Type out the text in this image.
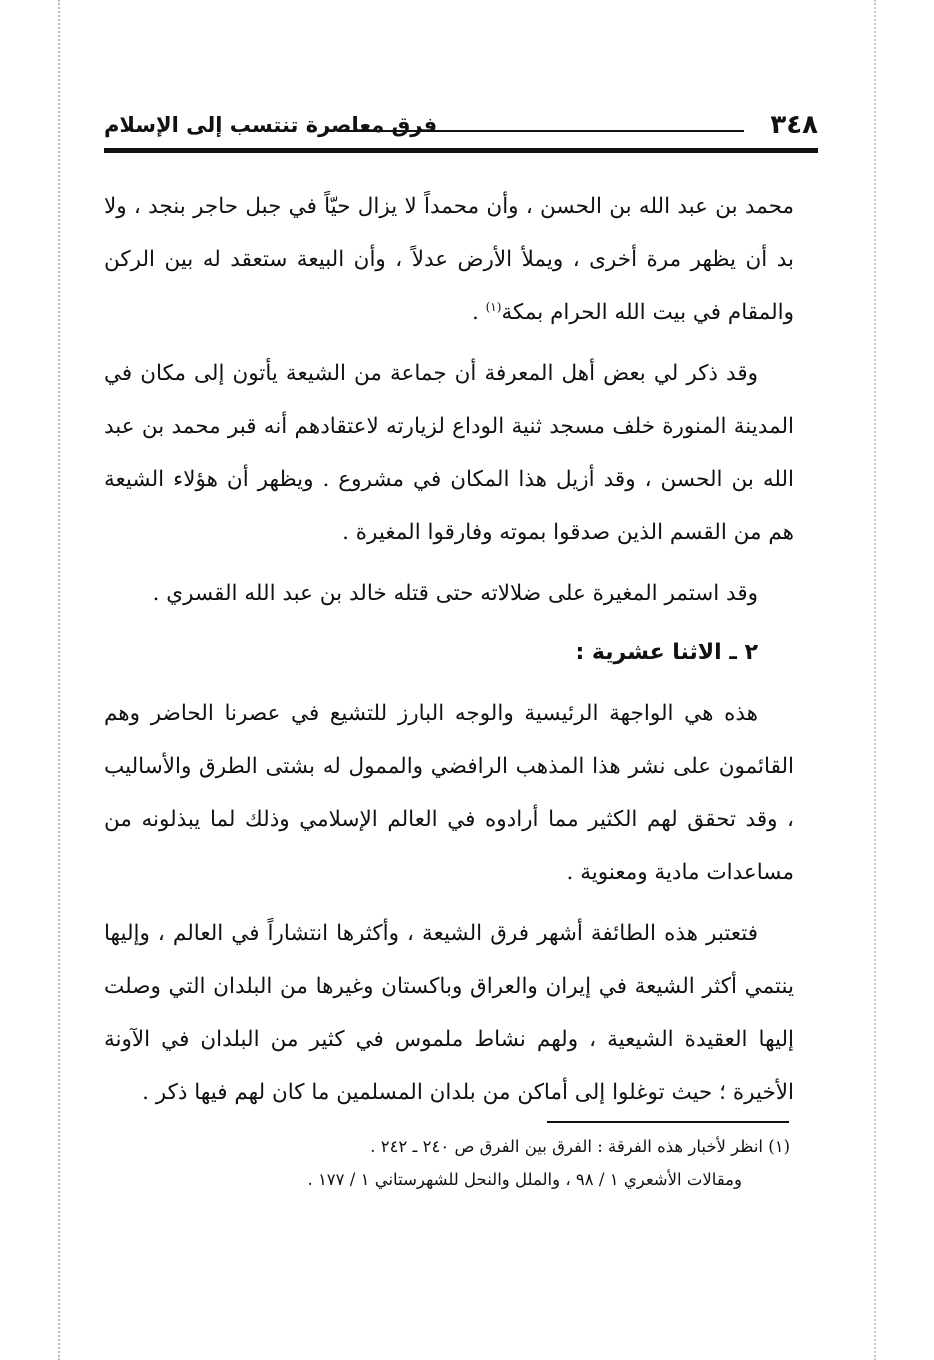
٣٤٨
فرق معاصرة تنتسب إلى الإسلام

محمد بن عبد الله بن الحسن ، وأن محمداً لا يزال حيّاً في جبل حاجر بنجد ، ولا بد أن يظهر مرة أخرى ، ويملأ الأرض عدلاً ، وأن البيعة ستعقد له بين الركن والمقام في بيت الله الحرام بمكة$^{(١)}$ .

وقد ذكر لي بعض أهل المعرفة أن جماعة من الشيعة يأتون إلى مكان في المدينة المنورة خلف مسجد ثنية الوداع لزيارته لاعتقادهم أنه قبر محمد بن عبد الله بن الحسن ، وقد أزيل هذا المكان في مشروع . ويظهر أن هؤلاء الشيعة هم من القسم الذين صدقوا بموته وفارقوا المغيرة .

وقد استمر المغيرة على ضلالاته حتى قتله خالد بن عبد الله القسري .

٢ ـ الاثنا عشرية :

هذه هي الواجهة الرئيسية والوجه البارز للتشيع في عصرنا الحاضر وهم القائمون على نشر هذا المذهب الرافضي والممول له بشتى الطرق والأساليب ، وقد تحقق لهم الكثير مما أرادوه في العالم الإسلامي وذلك لما يبذلونه من مساعدات مادية ومعنوية .

فتعتبر هذه الطائفة أشهر فرق الشيعة ، وأكثرها انتشاراً في العالم ، وإليها ينتمي أكثر الشيعة في إيران والعراق وباكستان وغيرها من البلدان التي وصلت إليها العقيدة الشيعية ، ولهم نشاط ملموس في كثير من البلدان في الآونة الأخيرة ؛ حيث توغلوا إلى أماكن من بلدان المسلمين ما كان لهم فيها ذكر .

(١) انظر لأخبار هذه الفرقة : الفرق بين الفرق ص ٢٤٠ ـ ٢٤٢ .

ومقالات الأشعري ١ / ٩٨ ، والملل والنحل للشهرستاني ١ / ١٧٧ .
